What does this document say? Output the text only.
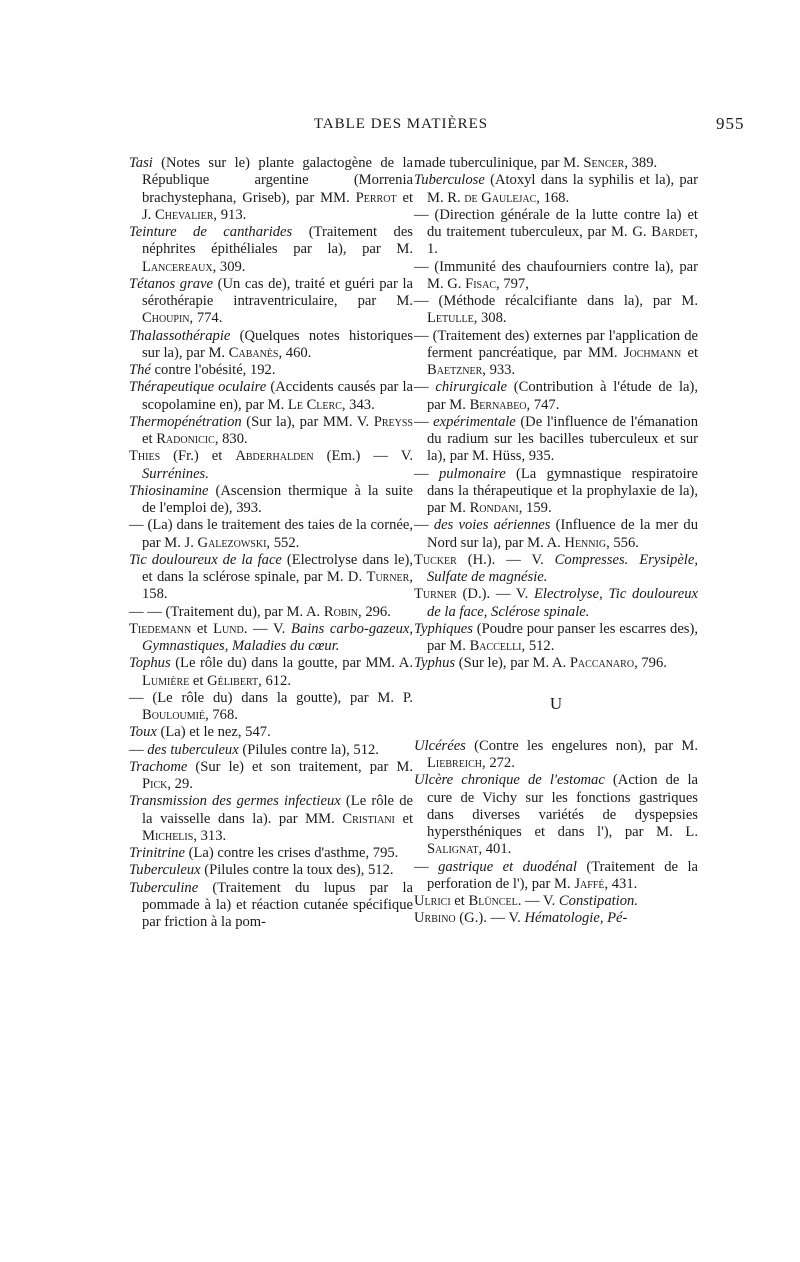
TABLE DES MATIÈRES	955

Tasi (Notes sur le) plante galactogène de la République argentine (Morrenia brachystephana, Griseb), par MM. Perrot et J. Chevalier, 913.

Teinture de cantharides (Traitement des néphrites épithéliales par la), par M. Lancereaux, 309.

Tétanos grave (Un cas de), traité et guéri par la sérothérapie intraventriculaire, par M. Choupin, 774.

Thalassothérapie (Quelques notes historiques sur la), par M. Cabanès, 460.

Thé contre l'obésité, 192.

Thérapeutique oculaire (Accidents causés par la scopolamine en), par M. Le Clerc, 343.

Thermopénétration (Sur la), par MM. V. Preyss et Radonicic, 830.

Thies (Fr.) et Abderhalden (Em.) — V. Surrénines.

Thiosinamine (Ascension thermique à la suite de l'emploi de), 393.

— (La) dans le traitement des taies de la cornée, par M. J. Galezowski, 552.

Tic douloureux de la face (Electrolyse dans le), et dans la sclérose spinale, par M. D. Turner, 158.

— — (Traitement du), par M. A. Robin, 296.

Tiedemann et Lund. — V. Bains carbo-gazeux, Gymnastiques, Maladies du cœur.

Tophus (Le rôle du) dans la goutte, par MM. A. Lumière et Gélibert, 612.

— (Le rôle du) dans la goutte), par M. P. Bouloumié, 768.

Toux (La) et le nez, 547.

— des tuberculeux (Pilules contre la), 512.

Trachome (Sur le) et son traitement, par M. Pick, 29.

Transmission des germes infectieux (Le rôle de la vaisselle dans la). par MM. Cristiani et Michelis, 313.

Trinitrine (La) contre les crises d'asthme, 795.

Tuberculeux (Pilules contre la toux des), 512.

Tuberculine (Traitement du lupus par la pommade à la) et réaction cutanée spécifique par friction à la pom-

made tuberculinique, par M. Sencer, 389.

Tuberculose (Atoxyl dans la syphilis et la), par M. R. de Gaulejac, 168.

— (Direction générale de la lutte contre la) et du traitement tuberculeux, par M. G. Bardet, 1.

— (Immunité des chaufourniers contre la), par M. G. Fisac, 797,

— (Méthode récalcifiante dans la), par M. Letulle, 308.

— (Traitement des) externes par l'application de ferment pancréatique, par MM. Jochmann et Baetzner, 933.

— chirurgicale (Contribution à l'étude de la), par M. Bernabeo, 747.

— expérimentale (De l'influence de l'émanation du radium sur les bacilles tuberculeux et sur la), par M. Hüss, 935.

— pulmonaire (La gymnastique respiratoire dans la thérapeutique et la prophylaxie de la), par M. Rondani, 159.

— des voies aériennes (Influence de la mer du Nord sur la), par M. A. Hennig, 556.

Tucker (H.). — V. Compresses. Erysipèle, Sulfate de magnésie.

Turner (D.). — V. Electrolyse, Tic douloureux de la face, Sclérose spinale.

Typhiques (Poudre pour panser les escarres des), par M. Baccelli, 512.

Typhus (Sur le), par M. A. Paccanaro, 796.

U

Ulcérées (Contre les engelures non), par M. Liebreich, 272.

Ulcère chronique de l'estomac (Action de la cure de Vichy sur les fonctions gastriques dans diverses variétés de dyspepsies hypersthéniques et dans l'), par M. L. Salignat, 401.

— gastrique et duodénal (Traitement de la perforation de l'), par M. Jaffé, 431.

Ulrici et Blüncel. — V. Constipation.

Urbino (G.). — V. Hématologie, Pé-
